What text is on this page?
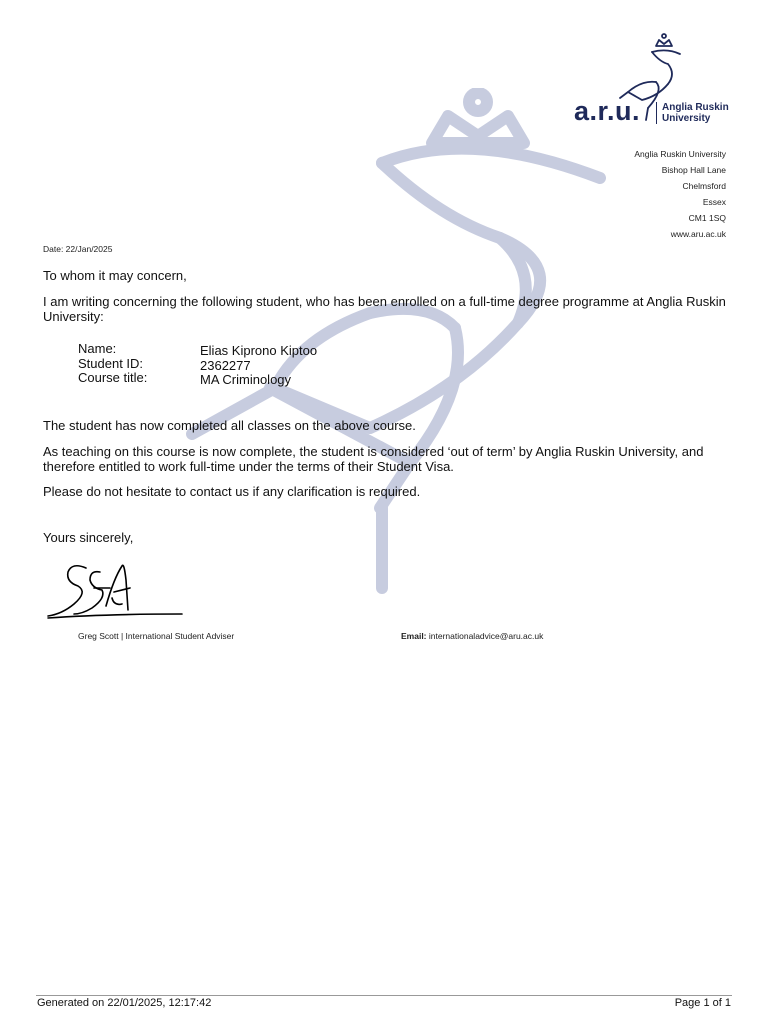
a.r.u. Anglia Ruskin
University
Anglia Ruskin University
Bishop Hall Lane
Chelmsford
Essex
CM1 1SQ
www.aru.ac.uk
Date: 22/Jan/2025
To whom it may concern,
I am writing concerning the following student, who has been enrolled on a full-time degree programme at Anglia Ruskin University:
Name:
Student ID:
Course title:
Elias Kiprono Kiptoo
2362277
MA Criminology
The student has now completed all classes on the above course.
As teaching on this course is now complete, the student is considered ‘out of term’ by Anglia Ruskin University, and therefore entitled to work full-time under the terms of their Student Visa.
Please do not hesitate to contact us if any clarification is required.
Yours sincerely,
Greg Scott | International Student Adviser	Email: internationaladvice@aru.ac.uk
Generated on 22/01/2025, 12:17:42	Page 1 of 1
